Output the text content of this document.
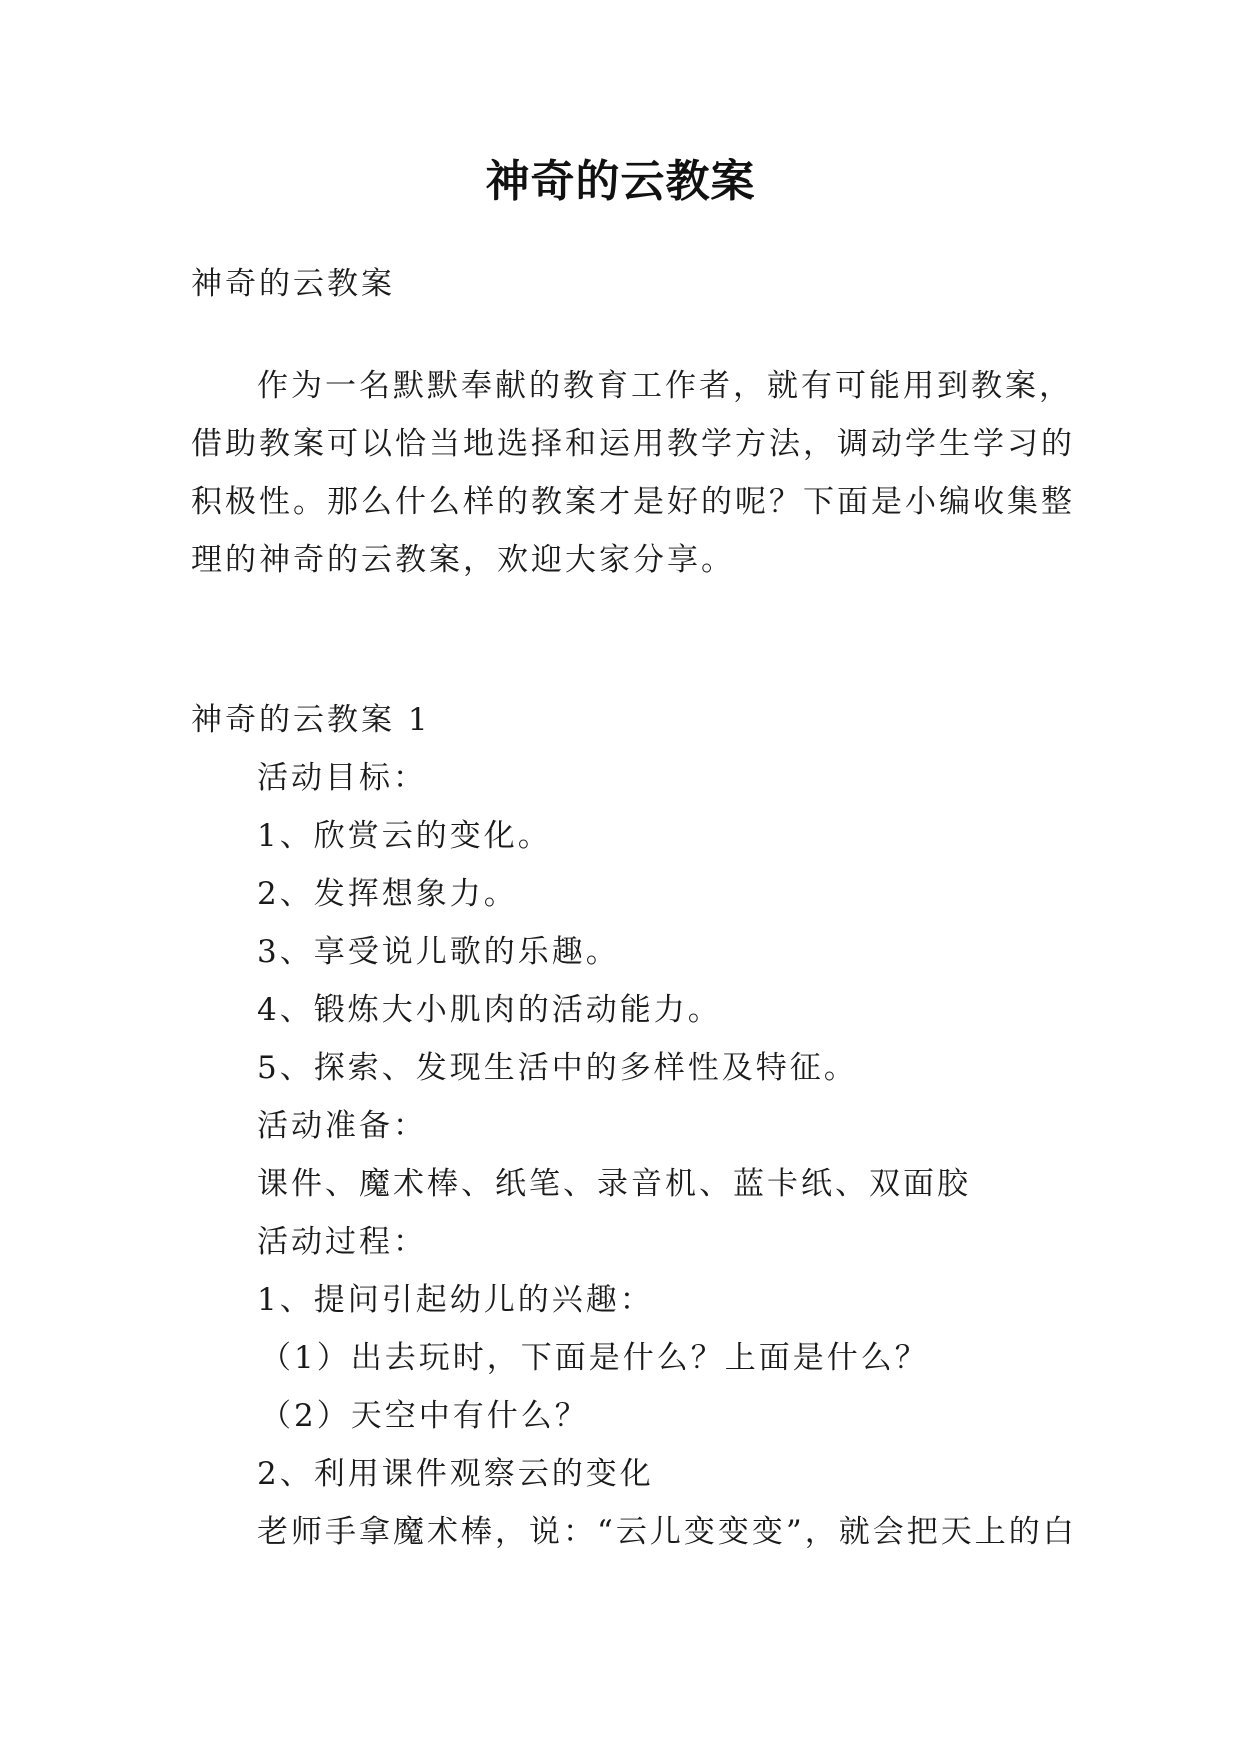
神奇的云教案
神奇的云教案
作为一名默默奉献的教育工作者，就有可能用到教案，
借助教案可以恰当地选择和运用教学方法，调动学生学习的
积极性。那么什么样的教案才是好的呢？下面是小编收集整
理的神奇的云教案，欢迎大家分享。
神奇的云教案 1
活动目标：
1、欣赏云的变化。
2、发挥想象力。
3、享受说儿歌的乐趣。
4、锻炼大小肌肉的活动能力。
5、探索、发现生活中的多样性及特征。
活动准备：
课件、魔术棒、纸笔、录音机、蓝卡纸、双面胶
活动过程：
1、提问引起幼儿的兴趣：
（1）出去玩时，下面是什么？上面是什么？
（2）天空中有什么？
2、利用课件观察云的变化
老师手拿魔术棒，说：“云儿变变变”，就会把天上的白
